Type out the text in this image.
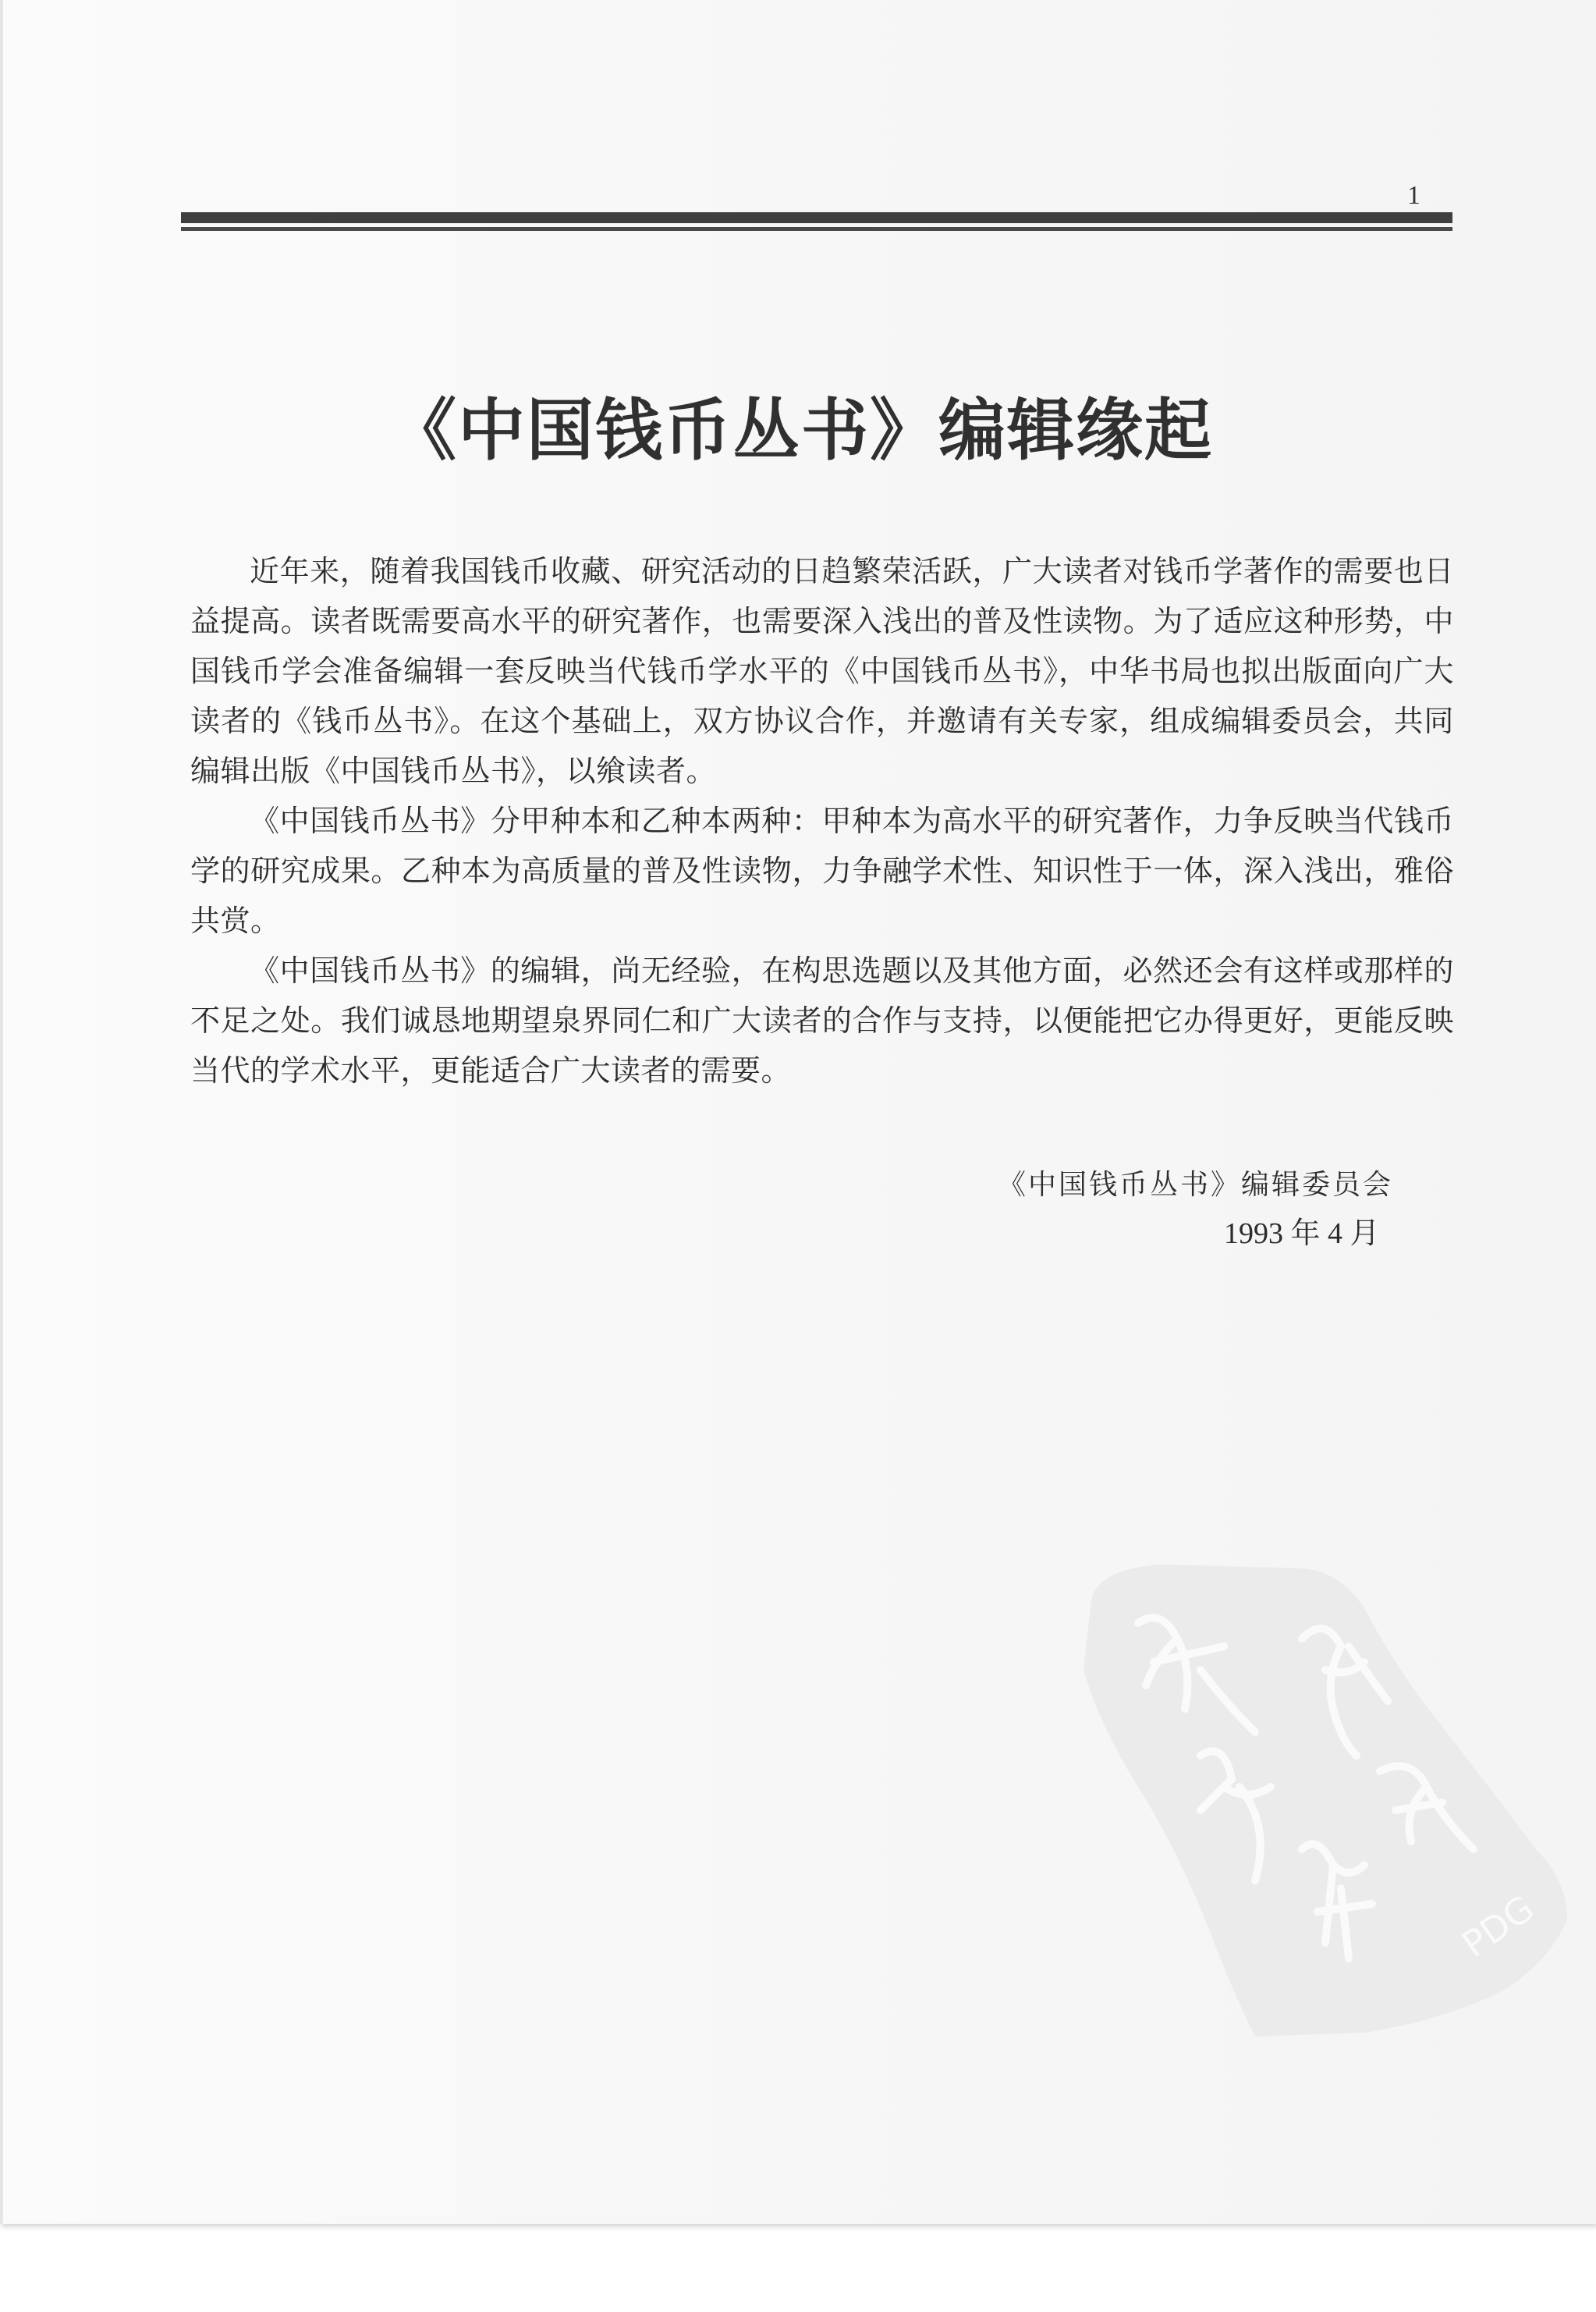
1
《中国钱币丛书》编辑缘起

近年来，随着我国钱币收藏、研究活动的日趋繁荣活跃，广大读者对钱币学著作的需要也日益提高。读者既需要高水平的研究著作，也需要深入浅出的普及性读物。为了适应这种形势，中国钱币学会准备编辑一套反映当代钱币学水平的《中国钱币丛书》，中华书局也拟出版面向广大读者的《钱币丛书》。在这个基础上，双方协议合作，并邀请有关专家，组成编辑委员会，共同编辑出版《中国钱币丛书》，以飨读者。

《中国钱币丛书》分甲种本和乙种本两种：甲种本为高水平的研究著作，力争反映当代钱币学的研究成果。乙种本为高质量的普及性读物，力争融学术性、知识性于一体，深入浅出，雅俗共赏。

《中国钱币丛书》的编辑，尚无经验，在构思选题以及其他方面，必然还会有这样或那样的不足之处。我们诚恳地期望泉界同仁和广大读者的合作与支持，以便能把它办得更好，更能反映当代的学术水平，更能适合广大读者的需要。

《中国钱币丛书》编辑委员会
1993 年 4 月
PDG
